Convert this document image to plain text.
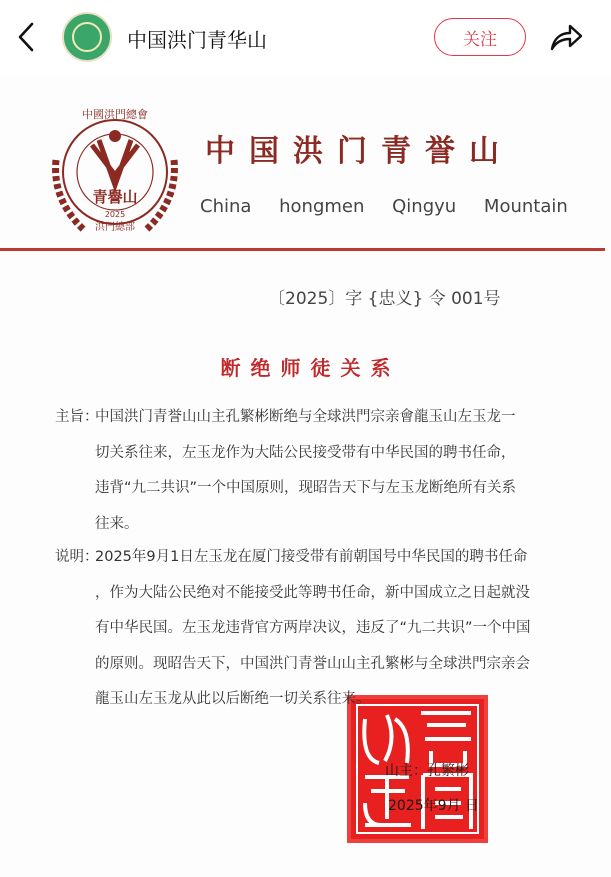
中国洪门青华山	关注
青譽山
2025
洪門總部
中國洪門總會
中国洪门青誉山
China hongmen Qingyu Mountain
〔2025〕字 {忠义} 令 001号
断绝师徒关系
主旨：
中国洪门青誉山山主孔繁彬断绝与全球洪門宗亲會龍玉山左玉龙一
切关系往来，左玉龙作为大陆公民接受带有中华民国的聘书任命，
违背“九二共识”一个中国原则，现昭告天下与左玉龙断绝所有关系
往来。
说明：
2025年9月1日左玉龙在厦门接受带有前朝国号中华民国的聘书任命
，作为大陆公民绝对不能接受此等聘书任命，新中国成立之日起就没
有中华民国。左玉龙违背官方两岸决议，违反了“九二共识”一个中国
的原则。现昭告天下，中国洪门青誉山山主孔繁彬与全球洪門宗亲会
龍玉山左玉龙从此以后断绝一切关系往来。
山主：孔繁彬
2025年9月 日
